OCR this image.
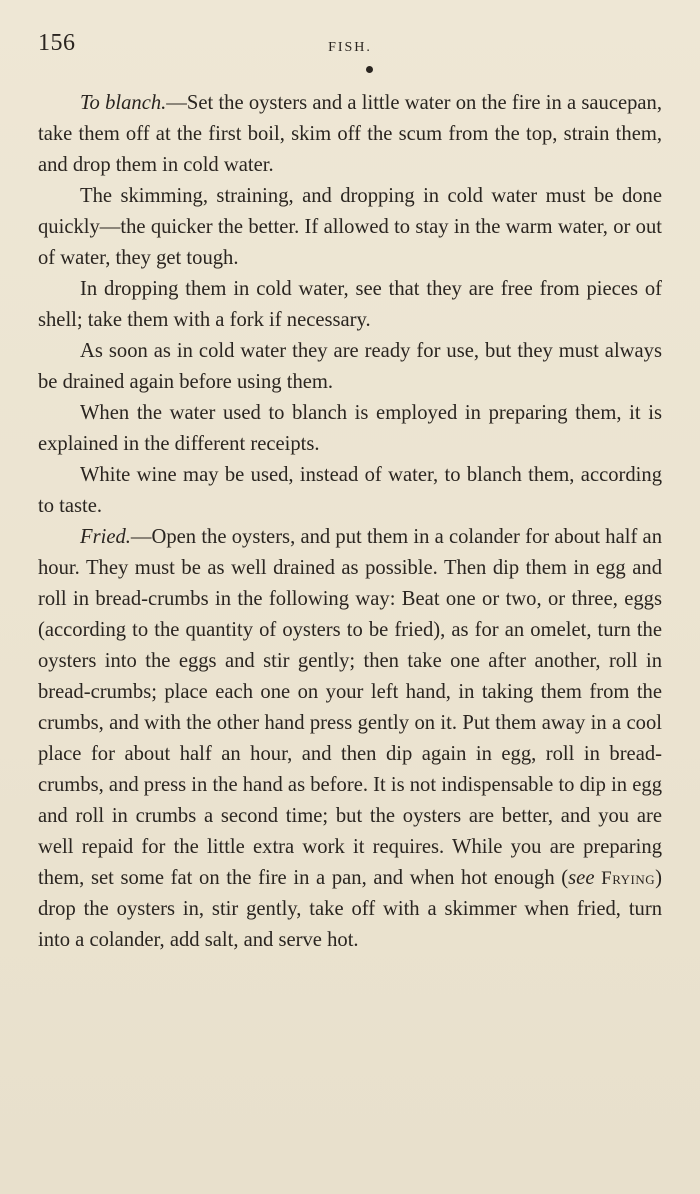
156	FISH.

To blanch.—Set the oysters and a little water on the fire in a saucepan, take them off at the first boil, skim off the scum from the top, strain them, and drop them in cold water.

The skimming, straining, and dropping in cold water must be done quickly—the quicker the better. If allowed to stay in the warm water, or out of water, they get tough.

In dropping them in cold water, see that they are free from pieces of shell; take them with a fork if necessary.

As soon as in cold water they are ready for use, but they must always be drained again before using them.

When the water used to blanch is employed in preparing them, it is explained in the different receipts.

White wine may be used, instead of water, to blanch them, according to taste.

Fried.—Open the oysters, and put them in a colander for about half an hour. They must be as well drained as possible. Then dip them in egg and roll in bread-crumbs in the following way: Beat one or two, or three, eggs (according to the quantity of oysters to be fried), as for an omelet, turn the oysters into the eggs and stir gently; then take one after another, roll in bread-crumbs; place each one on your left hand, in taking them from the crumbs, and with the other hand press gently on it. Put them away in a cool place for about half an hour, and then dip again in egg, roll in bread-crumbs, and press in the hand as before. It is not indispensable to dip in egg and roll in crumbs a second time; but the oysters are better, and you are well repaid for the little extra work it requires. While you are preparing them, set some fat on the fire in a pan, and when hot enough (see Frying) drop the oysters in, stir gently, take off with a skimmer when fried, turn into a colander, add salt, and serve hot.
